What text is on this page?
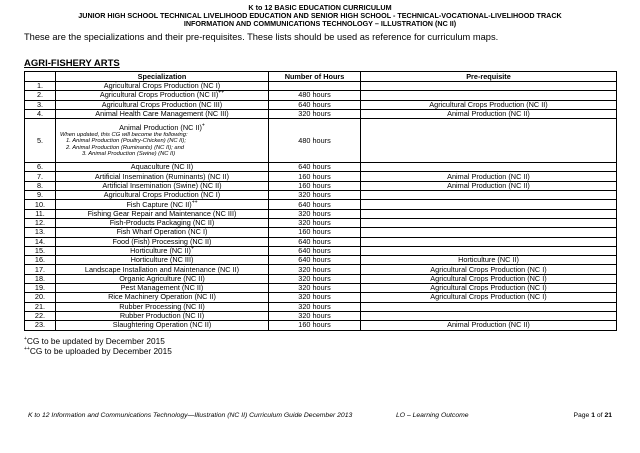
K to 12 BASIC EDUCATION CURRICULUM
JUNIOR HIGH SCHOOL TECHNICAL LIVELIHOOD EDUCATION AND SENIOR HIGH SCHOOL - TECHNICAL-VOCATIONAL-LIVELIHOOD TRACK
INFORMATION AND COMMUNICATIONS TECHNOLOGY – ILLUSTRATION (NC II)
These are the specializations and their pre-requisites. These lists should be used as reference for curriculum maps.
AGRI-FISHERY ARTS
	Specialization	Number of Hours	Pre-requisite
1.	Agricultural Crops Production (NC I)		
2.	Agricultural Crops Production (NC II)++	480 hours	
3.	Agricultural Crops Production (NC III)	640 hours	Agricultural Crops Production (NC II)
4.	Animal Health Care Management (NC III)	320 hours	Animal Production (NC II)
5.	Animal Production (NC II)+
When updated, this CG will become the following:
1. Animal Production (Poultry-Chicken) (NC II);
2. Animal Production (Ruminants) (NC II); and
3. Animal Production (Swine) (NC II)	480 hours	
6.	Aquaculture (NC II)	640 hours	
7.	Artificial Insemination (Ruminants) (NC II)	160 hours	Animal Production (NC II)
8.	Artificial Insemination (Swine) (NC II)	160 hours	Animal Production (NC II)
9.	Agricultural Crops Production (NC I)	320 hours	
10.	Fish Capture (NC II)++	640 hours	
11.	Fishing Gear Repair and Maintenance (NC III)	320 hours	
12.	Fish-Products Packaging (NC II)	320 hours	
13.	Fish Wharf Operation (NC I)	160 hours	
14.	Food (Fish) Processing (NC II)	640 hours	
15.	Horticulture (NC II)+	640 hours	
16.	Horticulture (NC III)	640 hours	Horticulture (NC II)
17.	Landscape Installation and Maintenance (NC II)	320 hours	Agricultural Crops Production (NC I)
18.	Organic Agriculture (NC II)	320 hours	Agricultural Crops Production (NC I)
19.	Pest Management (NC II)	320 hours	Agricultural Crops Production (NC I)
20.	Rice Machinery Operation (NC II)	320 hours	Agricultural Crops Production (NC I)
21.	Rubber Processing (NC II)	320 hours	
22.	Rubber Production (NC II)	320 hours	
23.	Slaughtering Operation (NC II)	160 hours	Animal Production (NC II)
+CG to be updated by December 2015
++CG to be uploaded by December 2015
K to 12 Information and Communications Technology—Illustration (NC II) Curriculum Guide December 2013	LO – Learning Outcome	Page 1 of 21
